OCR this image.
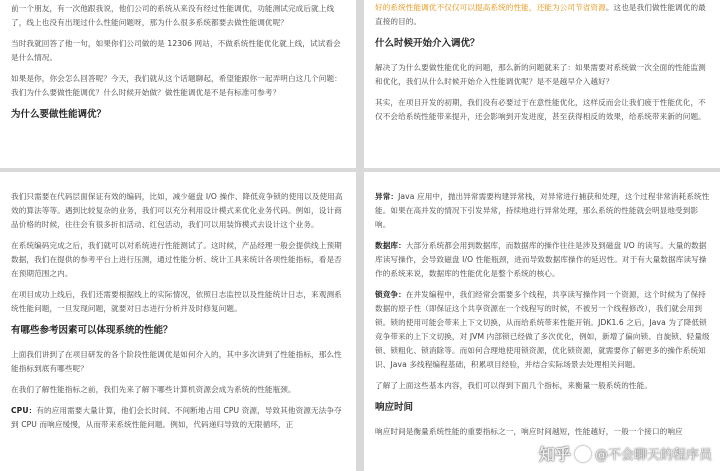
前一个朋友，有一次他跟我说，他们公司的系统从来没有经过性能调优，功能测试完成后就上线了，线上也没有出现过什么性能问题呀，那为什么很多系统都要去做性能调优呢？

当时我就回答了他一句，如果你们公司做的是 12306 网站，不做系统性能优化就上线，试试看会是什么情况。

如果是你，你会怎么回答呢？今天，我们就从这个话题聊起，希望能跟你一起弄明白这几个问题：我们为什么要做性能调优？什么时候开始做？做性能调优是不是有标准可参考？

为什么要做性能调优？

好的系统性能调优不仅仅可以提高系统的性能，还能为公司节省资源。这也是我们做性能调优的最直接的目的。

什么时候开始介入调优？

解决了为什么要做性能优化的问题，那么新的问题就来了：如果需要对系统做一次全面的性能监测和优化，我们从什么时候开始介入性能调优呢？是不是越早介入越好？

其实，在项目开发的初期，我们没有必要过于在意性能优化，这样反而会让我们疲于性能优化，不仅不会给系统性能带来提升，还会影响到开发进度，甚至获得相反的效果，给系统带来新的问题。

我们只需要在代码层面保证有效的编码，比如，减少磁盘 I/O 操作、降低竞争锁的使用以及使用高效的算法等等。遇到比较复杂的业务，我们可以充分利用设计模式来优化业务代码。例如，设计商品价格的时候，往往会有很多折扣活动、红包活动，我们可以用装饰模式去设计这个业务。

在系统编码完成之后，我们就可以对系统进行性能测试了。这时候，产品经理一般会提供线上预期数据，我们在提供的参考平台上进行压测，通过性能分析、统计工具来统计各项性能指标，看是否在预期范围之内。

在项目成功上线后，我们还需要根据线上的实际情况，依照日志监控以及性能统计日志，来观测系统性能问题，一旦发现问题，就要对日志进行分析并及时修复问题。

有哪些参考因素可以体现系统的性能？

上面我们讲到了在项目研发的各个阶段性能调优是如何介入的，其中多次讲到了性能指标，那么性能指标到底有哪些呢？

在我们了解性能指标之前，我们先来了解下哪些计算机资源会成为系统的性能瓶颈。

CPU：有的应用需要大量计算，他们会长时间、不间断地占用 CPU 资源，导致其他资源无法争夺到 CPU 而响应缓慢，从而带来系统性能问题。例如，代码递归导致的无限循环，正

异常：Java 应用中，抛出异常需要构建异常栈，对异常进行捕获和处理，这个过程非常消耗系统性能。如果在高并发的情况下引发异常，持续地进行异常处理，那么系统的性能就会明显地受到影响。

数据库：大部分系统都会用到数据库，而数据库的操作往往是涉及到磁盘 I/O 的读写。大量的数据库读写操作，会导致磁盘 I/O 性能瓶颈，进而导致数据库操作的延迟性。对于有大量数据库读写操作的系统来说，数据库的性能优化是整个系统的核心。

锁竞争：在并发编程中，我们经常会需要多个线程，共享读写操作同一个资源，这个时候为了保持数据的原子性（即保证这个共享资源在一个线程写的时候，不被另一个线程修改），我们就会用到锁。锁的使用可能会带来上下文切换，从而给系统带来性能开销。JDK1.6 之后，Java 为了降低锁竞争带来的上下文切换，对 JVM 内部锁已经做了多次优化，例如，新增了偏向锁、自旋锁、轻量级锁、锁粗化、锁消除等。而如何合理地使用锁资源，优化锁资源，就需要你了解更多的操作系统知识、Java 多线程编程基础，积累项目经验，并结合实际场景去处理相关问题。

了解了上面这些基本内容，我们可以得到下面几个指标，来衡量一般系统的性能。

响应时间

响应时间是衡量系统性能的重要指标之一，响应时间越短，性能越好，一般一个接口的响应

知乎 @不会聊天的程序员
